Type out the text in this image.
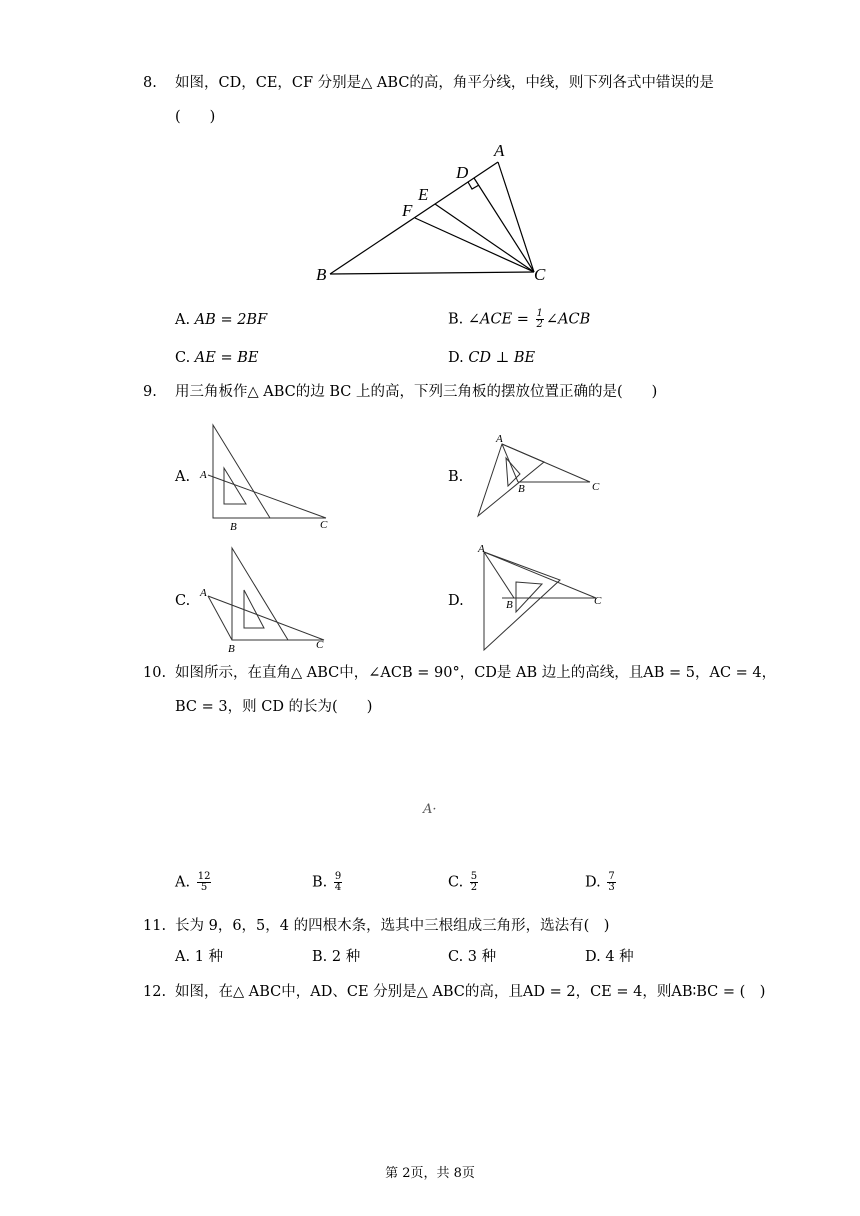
8. 如图，CD，CE，CF 分别是△ ABC的高，角平分线，中线，则下列各式中错误的是
(　　)
A
D
E
F
B	C
A. AB = 2BF	B. ∠ACE = $\frac{1}{2}$ ∠ACB
C. AE = BE	D. CD ⊥ BE
9. 用三角板作△ ABC的边 BC 上的高，下列三角板的摆放位置正确的是(　　)
A. A
B	C
B.
A
B	C
C. A
B	C
D.
A
B	C
10. 如图所示，在直角△ ABC中，∠ACB = 90°，CD是 AB 边上的高线，且AB = 5，AC = 4，
BC = 3，则 CD 的长为(　　)
A·
A. $\frac{12}{5}$	B. $\frac{9}{4}$	C. $\frac{5}{2}$	D. $\frac{7}{3}$
11. 长为 9，6，5，4 的四根木条，选其中三根组成三角形，选法有(　)
A. 1 种	B. 2 种	C. 3 种	D. 4 种
12. 如图，在△ ABC中，AD、CE 分别是△ ABC的高，且AD = 2，CE = 4，则AB∶BC = (　)
第 2页，共 8页
